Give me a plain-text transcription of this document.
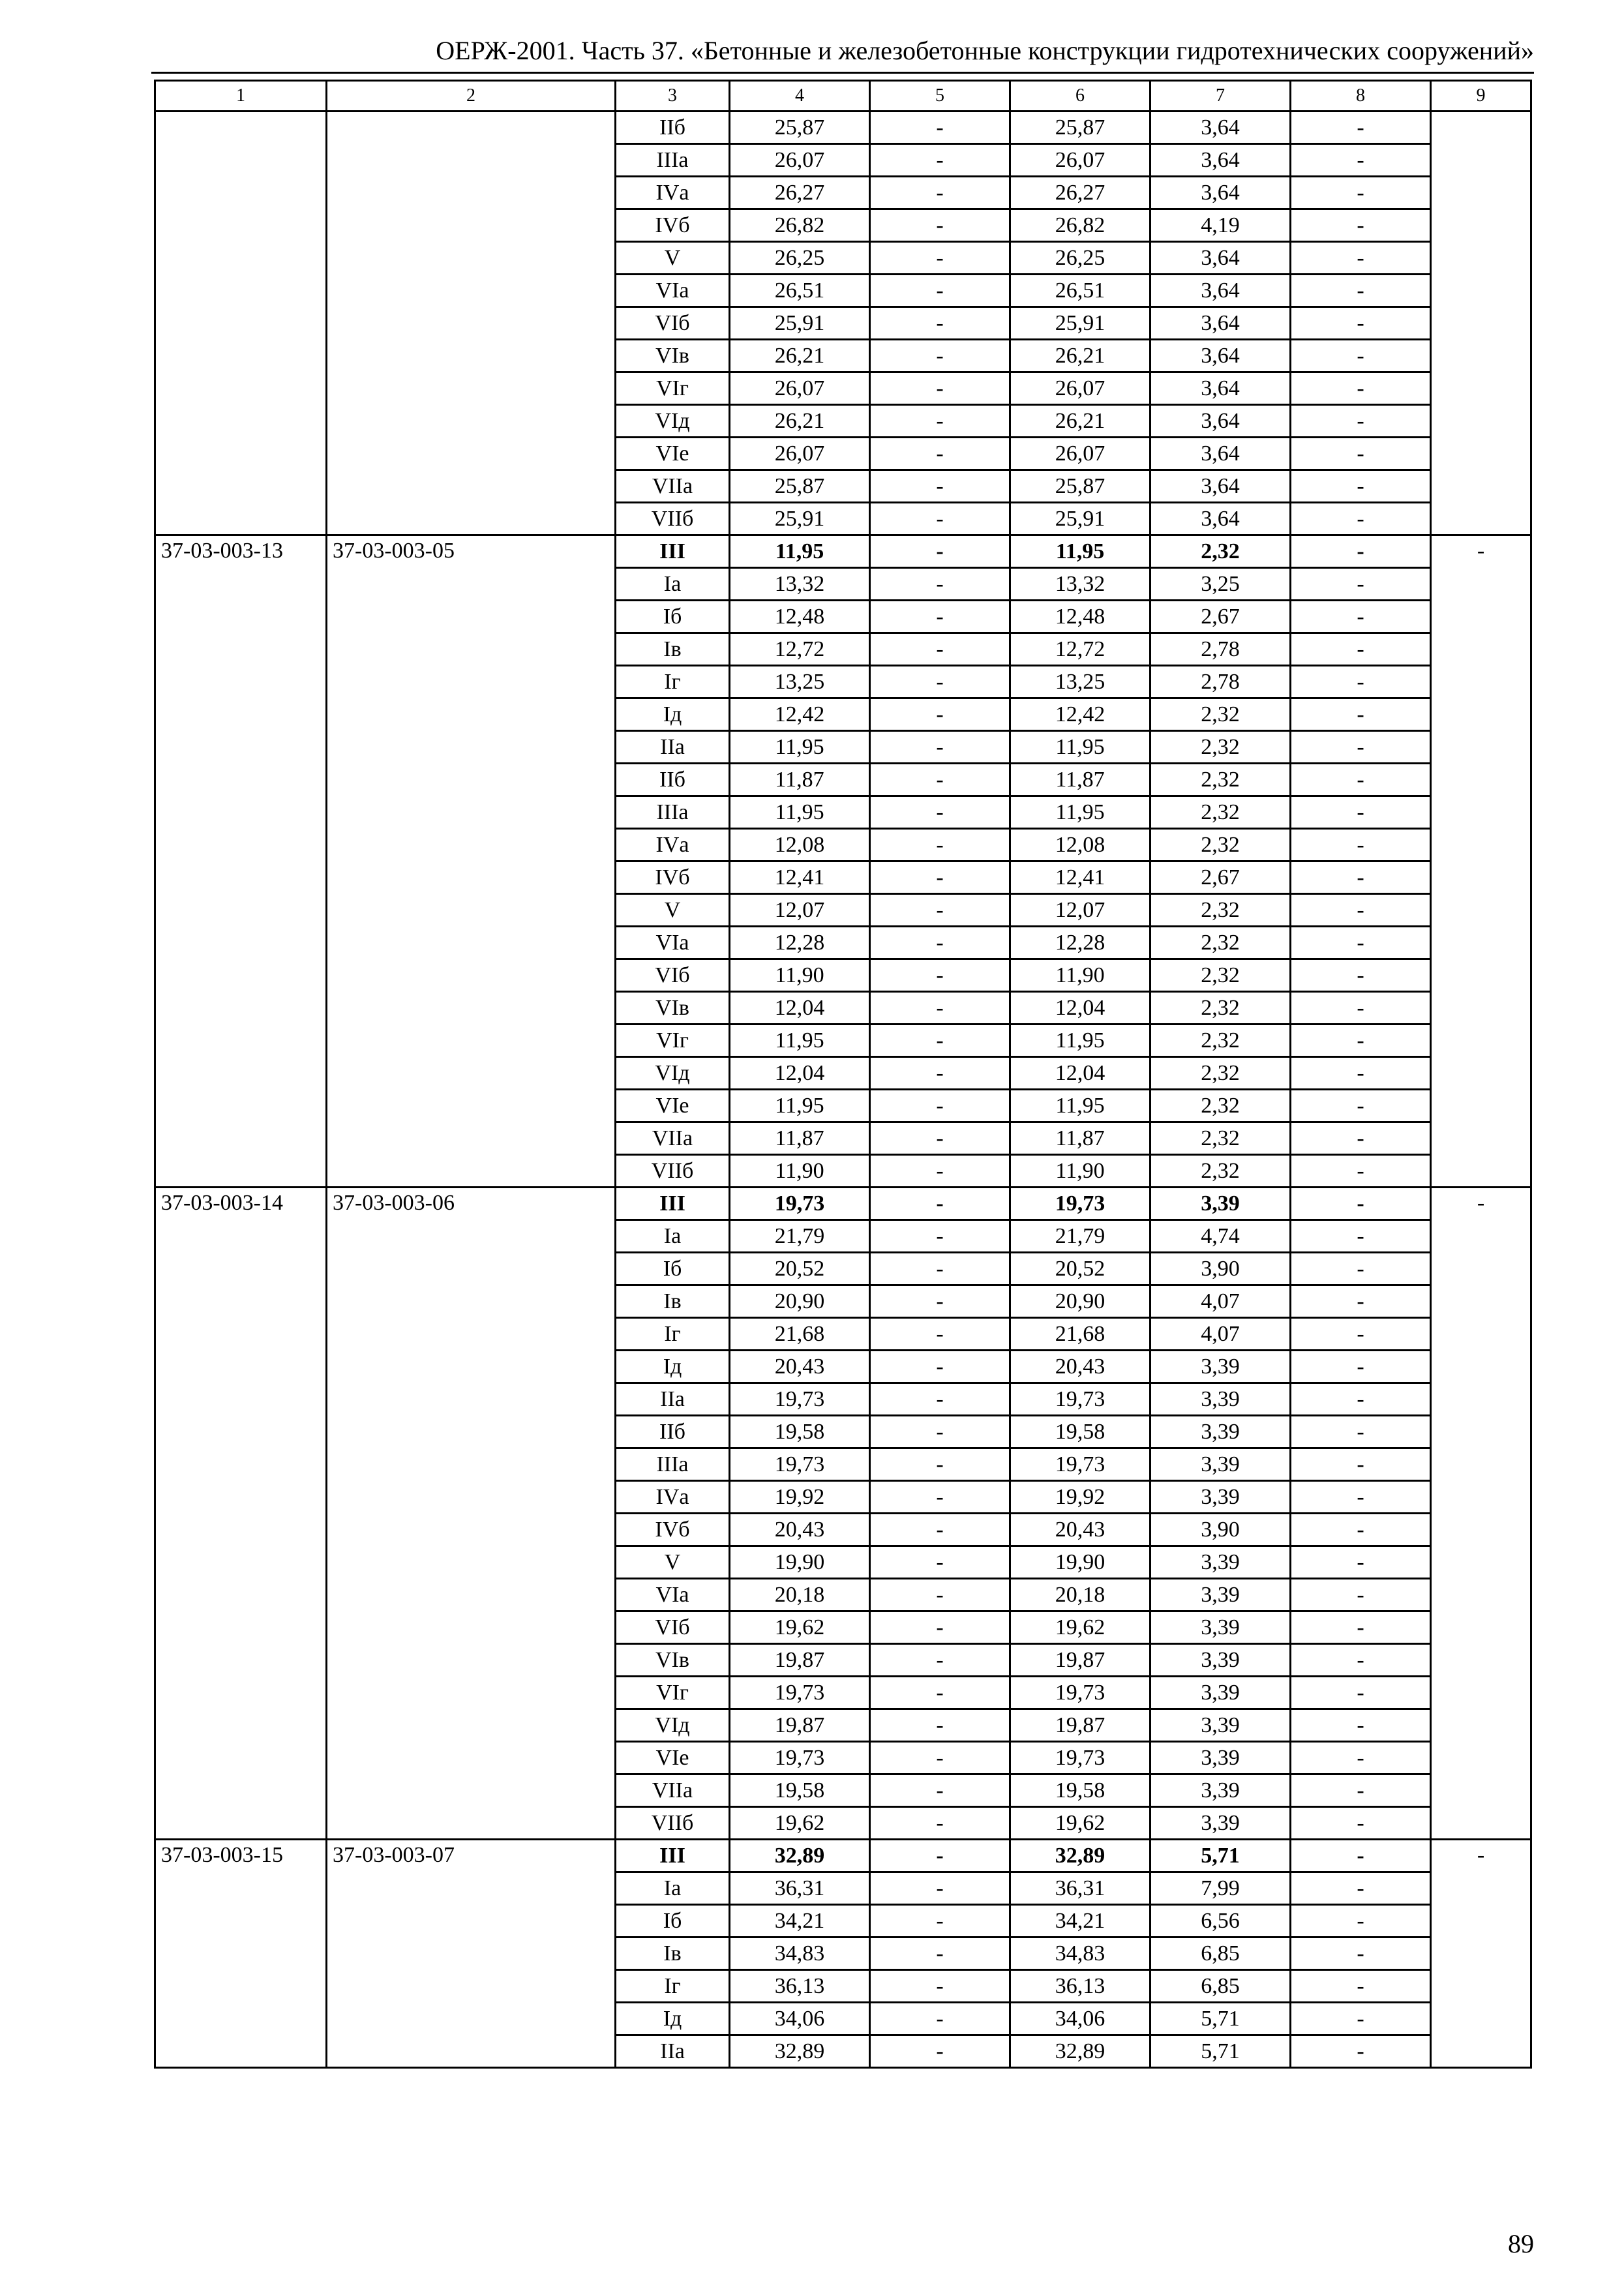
ОЕРЖ-2001. Часть 37. «Бетонные и железобетонные конструкции гидротехнических сооружений»
1	2	3	4	5	6	7	8	9
		IIб	25,87	-	25,87	3,64	-	
		IIIа	26,07	-	26,07	3,64	-	
		IVа	26,27	-	26,27	3,64	-	
		IVб	26,82	-	26,82	4,19	-	
		V	26,25	-	26,25	3,64	-	
		VIа	26,51	-	26,51	3,64	-	
		VIб	25,91	-	25,91	3,64	-	
		VIв	26,21	-	26,21	3,64	-	
		VIг	26,07	-	26,07	3,64	-	
		VIд	26,21	-	26,21	3,64	-	
		VIе	26,07	-	26,07	3,64	-	
		VIIа	25,87	-	25,87	3,64	-	
		VIIб	25,91	-	25,91	3,64	-	
37-03-003-13	37-03-003-05	III	11,95	-	11,95	2,32	-	-
		Iа	13,32	-	13,32	3,25	-	
		Iб	12,48	-	12,48	2,67	-	
		Iв	12,72	-	12,72	2,78	-	
		Iг	13,25	-	13,25	2,78	-	
		Iд	12,42	-	12,42	2,32	-	
		IIа	11,95	-	11,95	2,32	-	
		IIб	11,87	-	11,87	2,32	-	
		IIIа	11,95	-	11,95	2,32	-	
		IVа	12,08	-	12,08	2,32	-	
		IVб	12,41	-	12,41	2,67	-	
		V	12,07	-	12,07	2,32	-	
		VIа	12,28	-	12,28	2,32	-	
		VIб	11,90	-	11,90	2,32	-	
		VIв	12,04	-	12,04	2,32	-	
		VIг	11,95	-	11,95	2,32	-	
		VIд	12,04	-	12,04	2,32	-	
		VIе	11,95	-	11,95	2,32	-	
		VIIа	11,87	-	11,87	2,32	-	
		VIIб	11,90	-	11,90	2,32	-	
37-03-003-14	37-03-003-06	III	19,73	-	19,73	3,39	-	-
		Iа	21,79	-	21,79	4,74	-	
		Iб	20,52	-	20,52	3,90	-	
		Iв	20,90	-	20,90	4,07	-	
		Iг	21,68	-	21,68	4,07	-	
		Iд	20,43	-	20,43	3,39	-	
		IIа	19,73	-	19,73	3,39	-	
		IIб	19,58	-	19,58	3,39	-	
		IIIа	19,73	-	19,73	3,39	-	
		IVа	19,92	-	19,92	3,39	-	
		IVб	20,43	-	20,43	3,90	-	
		V	19,90	-	19,90	3,39	-	
		VIа	20,18	-	20,18	3,39	-	
		VIб	19,62	-	19,62	3,39	-	
		VIв	19,87	-	19,87	3,39	-	
		VIг	19,73	-	19,73	3,39	-	
		VIд	19,87	-	19,87	3,39	-	
		VIе	19,73	-	19,73	3,39	-	
		VIIа	19,58	-	19,58	3,39	-	
		VIIб	19,62	-	19,62	3,39	-	
37-03-003-15	37-03-003-07	III	32,89	-	32,89	5,71	-	-
		Iа	36,31	-	36,31	7,99	-	
		Iб	34,21	-	34,21	6,56	-	
		Iв	34,83	-	34,83	6,85	-	
		Iг	36,13	-	36,13	6,85	-	
		Iд	34,06	-	34,06	5,71	-	
		IIа	32,89	-	32,89	5,71	-	
89
